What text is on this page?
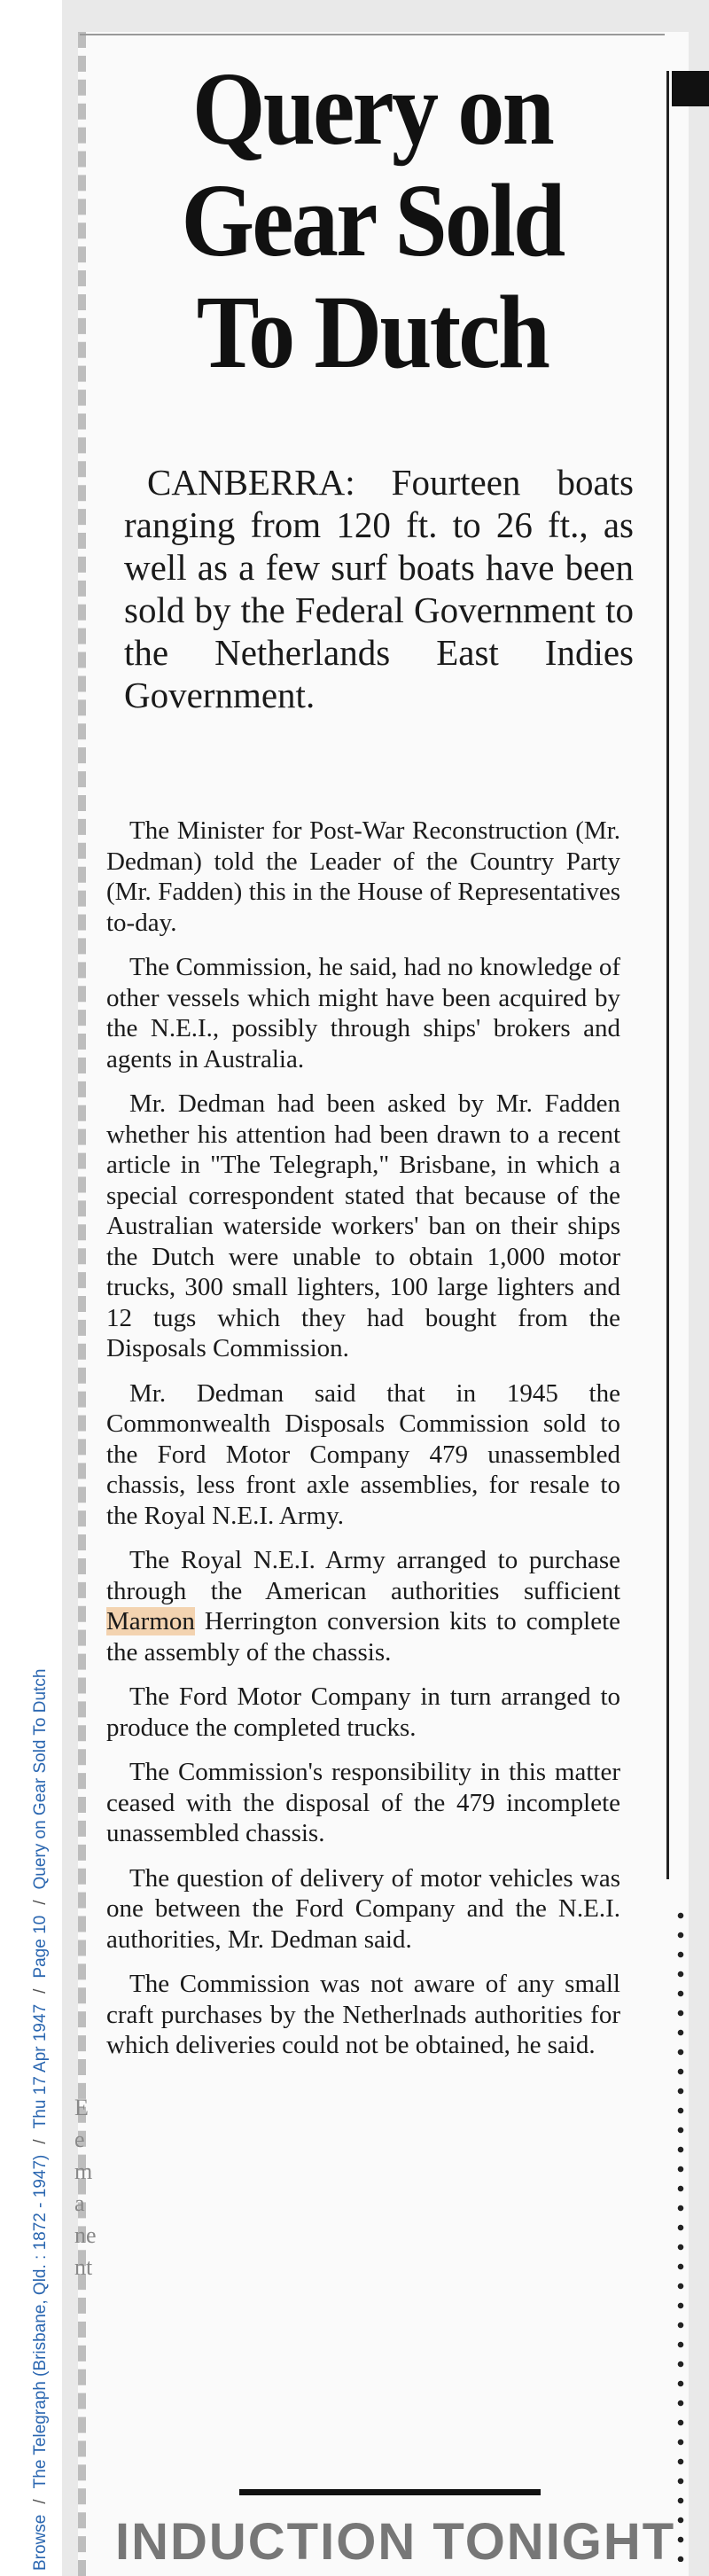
Browse/The Telegraph (Brisbane, Qld. : 1872 - 1947)/Thu 17 Apr 1947/Page 10/Query on Gear Sold To Dutch
Query on
Gear Sold
To Dutch

CANBERRA: Fourteen boats ranging from 120 ft. to 26 ft., as well as a few surf boats have been sold by the Federal Government to the Netherlands East Indies Government.

The Minister for Post-War Reconstruction (Mr. Dedman) told the Leader of the Country Party (Mr. Fadden) this in the House of Representatives to-day.

The Commission, he said, had no knowledge of other vessels which might have been acquired by the N.E.I., possibly through ships' brokers and agents in Australia.

Mr. Dedman had been asked by Mr. Fadden whether his attention had been drawn to a recent article in "The Telegraph," Brisbane, in which a special correspondent stated that because of the Australian waterside workers' ban on their ships the Dutch were unable to obtain 1,000 motor trucks, 300 small lighters, 100 large lighters and 12 tugs which they had bought from the Disposals Commission.

Mr. Dedman said that in 1945 the Commonwealth Disposals Commission sold to the Ford Motor Company 479 unassembled chassis, less front axle assemblies, for resale to the Royal N.E.I. Army.

The Royal N.E.I. Army arranged to purchase through the American authorities sufficient Marmon Herrington conversion kits to complete the assembly of the chassis.

The Ford Motor Company in turn arranged to produce the completed trucks.

The Commission's responsibility in this matter ceased with the disposal of the 479 incomplete unassembled chassis.

The question of delivery of motor vehicles was one between the Ford Company and the N.E.I. authorities, Mr. Dedman said.

The Commission was not aware of any small craft purchases by the Netherlnads authorities for which deliveries could not be obtained, he said.

E e m a ne nt
INDUCTION TONIGHT
